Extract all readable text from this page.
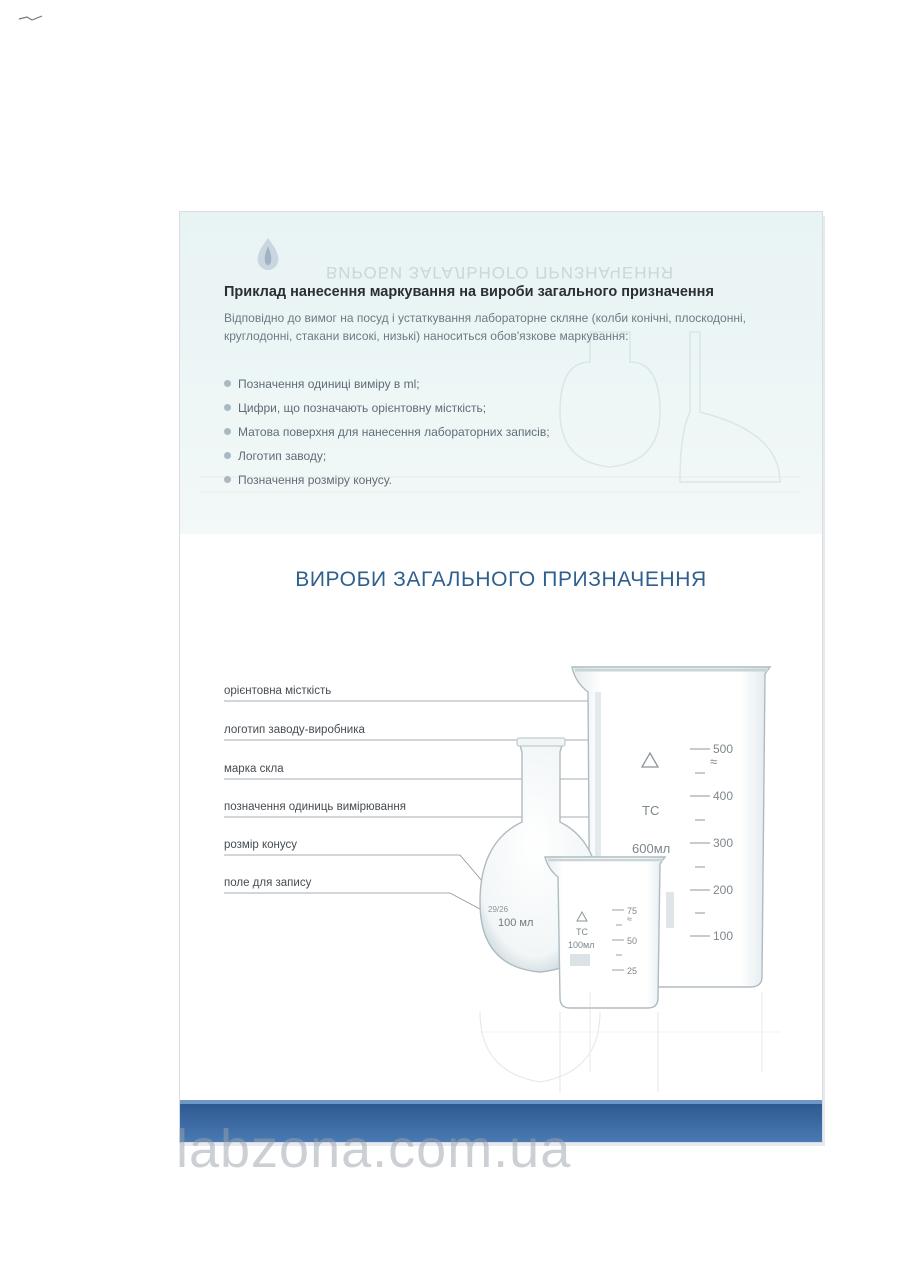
ВИРОБИ ЗАГАЛЬНОГО ПРИЗНАЧЕННЯ
Приклад нанесення маркування на вироби загального призначення
Відповідно до вимог на посуд і устаткування лабораторне скляне (колби конічні, плоскодонні, круглодонні, стакани високі, низькі) наноситься обов'язкове маркування:
Позначення одиниці виміру в ml;
Цифри, що позначають орієнтовну місткість;
Матова поверхня для нанесення лабораторних записів;
Логотип заводу;
Позначення розміру конусу.
ВИРОБИ ЗАГАЛЬНОГО ПРИЗНАЧЕННЯ
орієнтовна місткість
логотип заводу-виробника
марка скла
позначення одиниць вимірювання
розмір конусу
поле для запису
500
400
300
200
100
≈
ТС
600мл
29/26
100 мл
75
50
25
≈
ТС
100мл
labzona.com.ua
